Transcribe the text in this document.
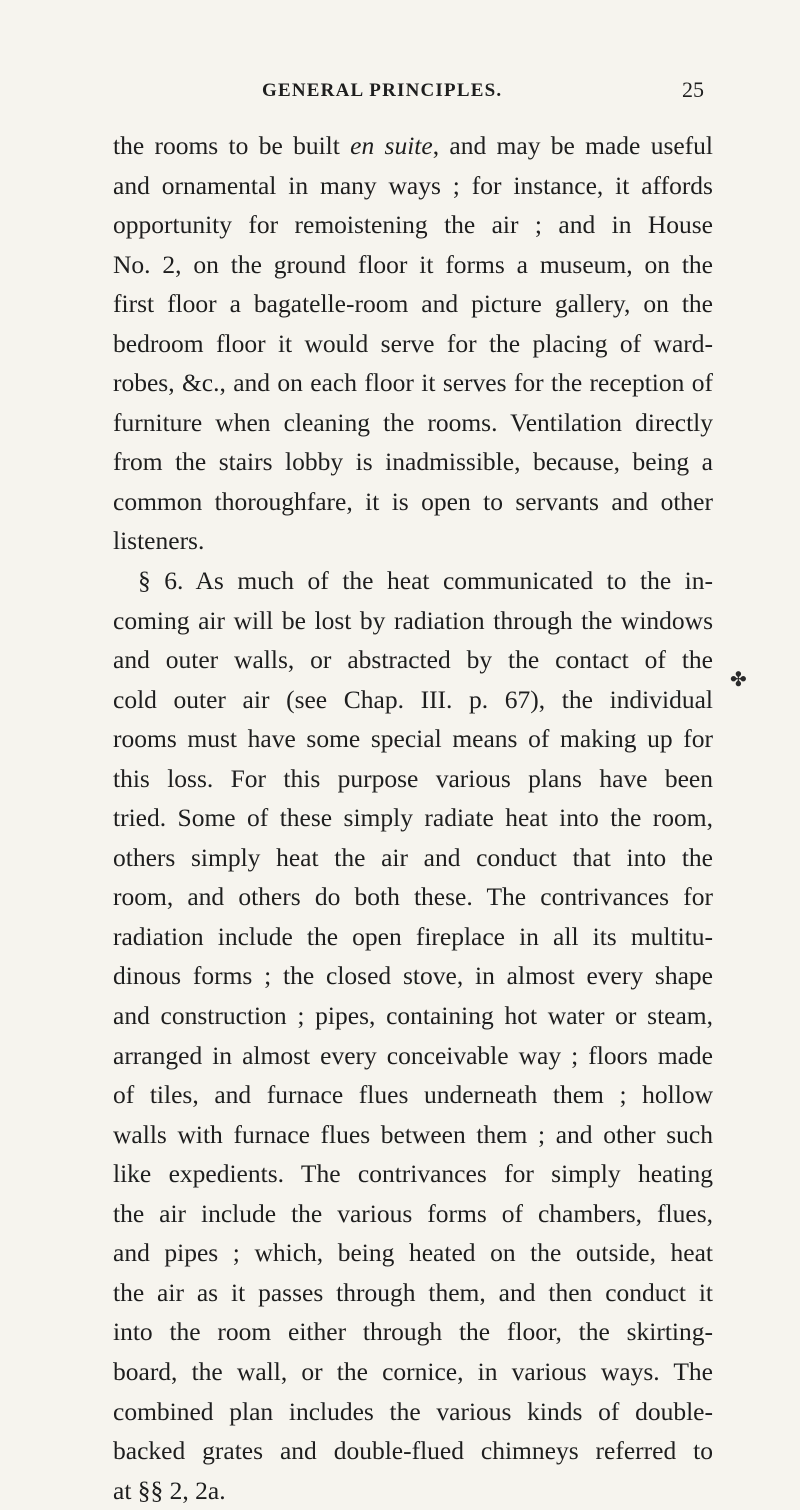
GENERAL PRINCIPLES.	25
the rooms to be built en suite, and may be made useful
and ornamental in many ways ; for instance, it affords
opportunity for remoistening the air ; and in House
No. 2, on the ground floor it forms a museum, on the
first floor a bagatelle-room and picture gallery, on the
bedroom floor it would serve for the placing of ward-
robes, &c., and on each floor it serves for the reception of
furniture when cleaning the rooms. Ventilation directly
from the stairs lobby is inadmissible, because, being a
common thoroughfare, it is open to servants and other
listeners.
§ 6. As much of the heat communicated to the in-
coming air will be lost by radiation through the windows
and outer walls, or abstracted by the contact of the
cold outer air (see Chap. III. p. 67), the individual
rooms must have some special means of making up for
this loss. For this purpose various plans have been
tried. Some of these simply radiate heat into the room,
others simply heat the air and conduct that into the
room, and others do both these. The contrivances for
radiation include the open fireplace in all its multitu-
dinous forms ; the closed stove, in almost every shape
and construction ; pipes, containing hot water or steam,
arranged in almost every conceivable way ; floors made
of tiles, and furnace flues underneath them ; hollow
walls with furnace flues between them ; and other such
like expedients. The contrivances for simply heating
the air include the various forms of chambers, flues,
and pipes ; which, being heated on the outside, heat
the air as it passes through them, and then conduct it
into the room either through the floor, the skirting-
board, the wall, or the cornice, in various ways. The
combined plan includes the various kinds of double-
backed grates and double-flued chimneys referred to
at §§ 2, 2a.
✤
